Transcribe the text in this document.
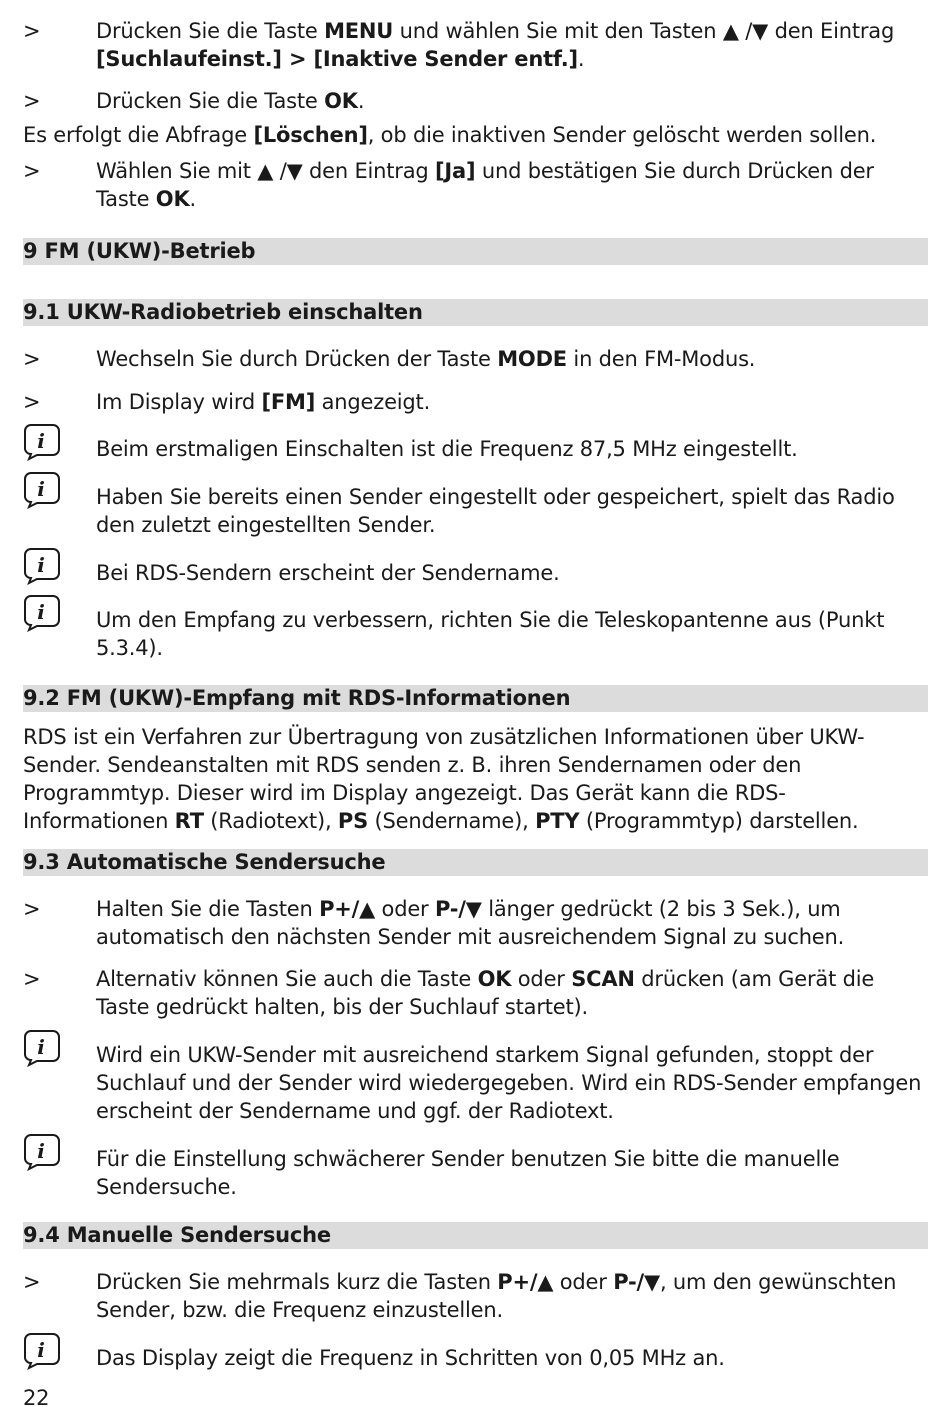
>	Drücken Sie die Taste MENU und wählen Sie mit den Tasten ▲ /▼ den Eintrag [Suchlaufeinst.] > [Inaktive Sender entf.].
>	Drücken Sie die Taste OK.
Es erfolgt die Abfrage [Löschen], ob die inaktiven Sender gelöscht werden sollen.
>	Wählen Sie mit ▲ /▼ den Eintrag [Ja] und bestätigen Sie durch Drücken der Taste OK.
9 FM (UKW)-Betrieb
9.1 UKW-Radiobetrieb einschalten
>	Wechseln Sie durch Drücken der Taste MODE in den FM-Modus.
>	Im Display wird [FM] angezeigt.
i Beim erstmaligen Einschalten ist die Frequenz 87,5 MHz eingestellt.
i Haben Sie bereits einen Sender eingestellt oder gespeichert, spielt das Radio den zuletzt eingestellten Sender.
i Bei RDS-Sendern erscheint der Sendername.
i Um den Empfang zu verbessern, richten Sie die Teleskopantenne aus (Punkt 5.3.4).
9.2 FM (UKW)-Empfang mit RDS-Informationen
RDS ist ein Verfahren zur Übertragung von zusätzlichen Informationen über UKW-Sender. Sendeanstalten mit RDS senden z. B. ihren Sendernamen oder den Programmtyp. Dieser wird im Display angezeigt. Das Gerät kann die RDS-Informationen RT (Radiotext), PS (Sendername), PTY (Programmtyp) darstellen.
9.3 Automatische Sendersuche
>	Halten Sie die Tasten P+/▲ oder P-/▼ länger gedrückt (2 bis 3 Sek.), um automatisch den nächsten Sender mit ausreichendem Signal zu suchen.
>	Alternativ können Sie auch die Taste OK oder SCAN drücken (am Gerät die Taste gedrückt halten, bis der Suchlauf startet).
i Wird ein UKW-Sender mit ausreichend starkem Signal gefunden, stoppt der Suchlauf und der Sender wird wiedergegeben. Wird ein RDS-Sender empfangen erscheint der Sendername und ggf. der Radiotext.
i Für die Einstellung schwächerer Sender benutzen Sie bitte die manuelle Sendersuche.
9.4 Manuelle Sendersuche
>	Drücken Sie mehrmals kurz die Tasten P+/▲ oder P-/▼, um den gewünschten Sender, bzw. die Frequenz einzustellen.
i Das Display zeigt die Frequenz in Schritten von 0,05 MHz an.
22
